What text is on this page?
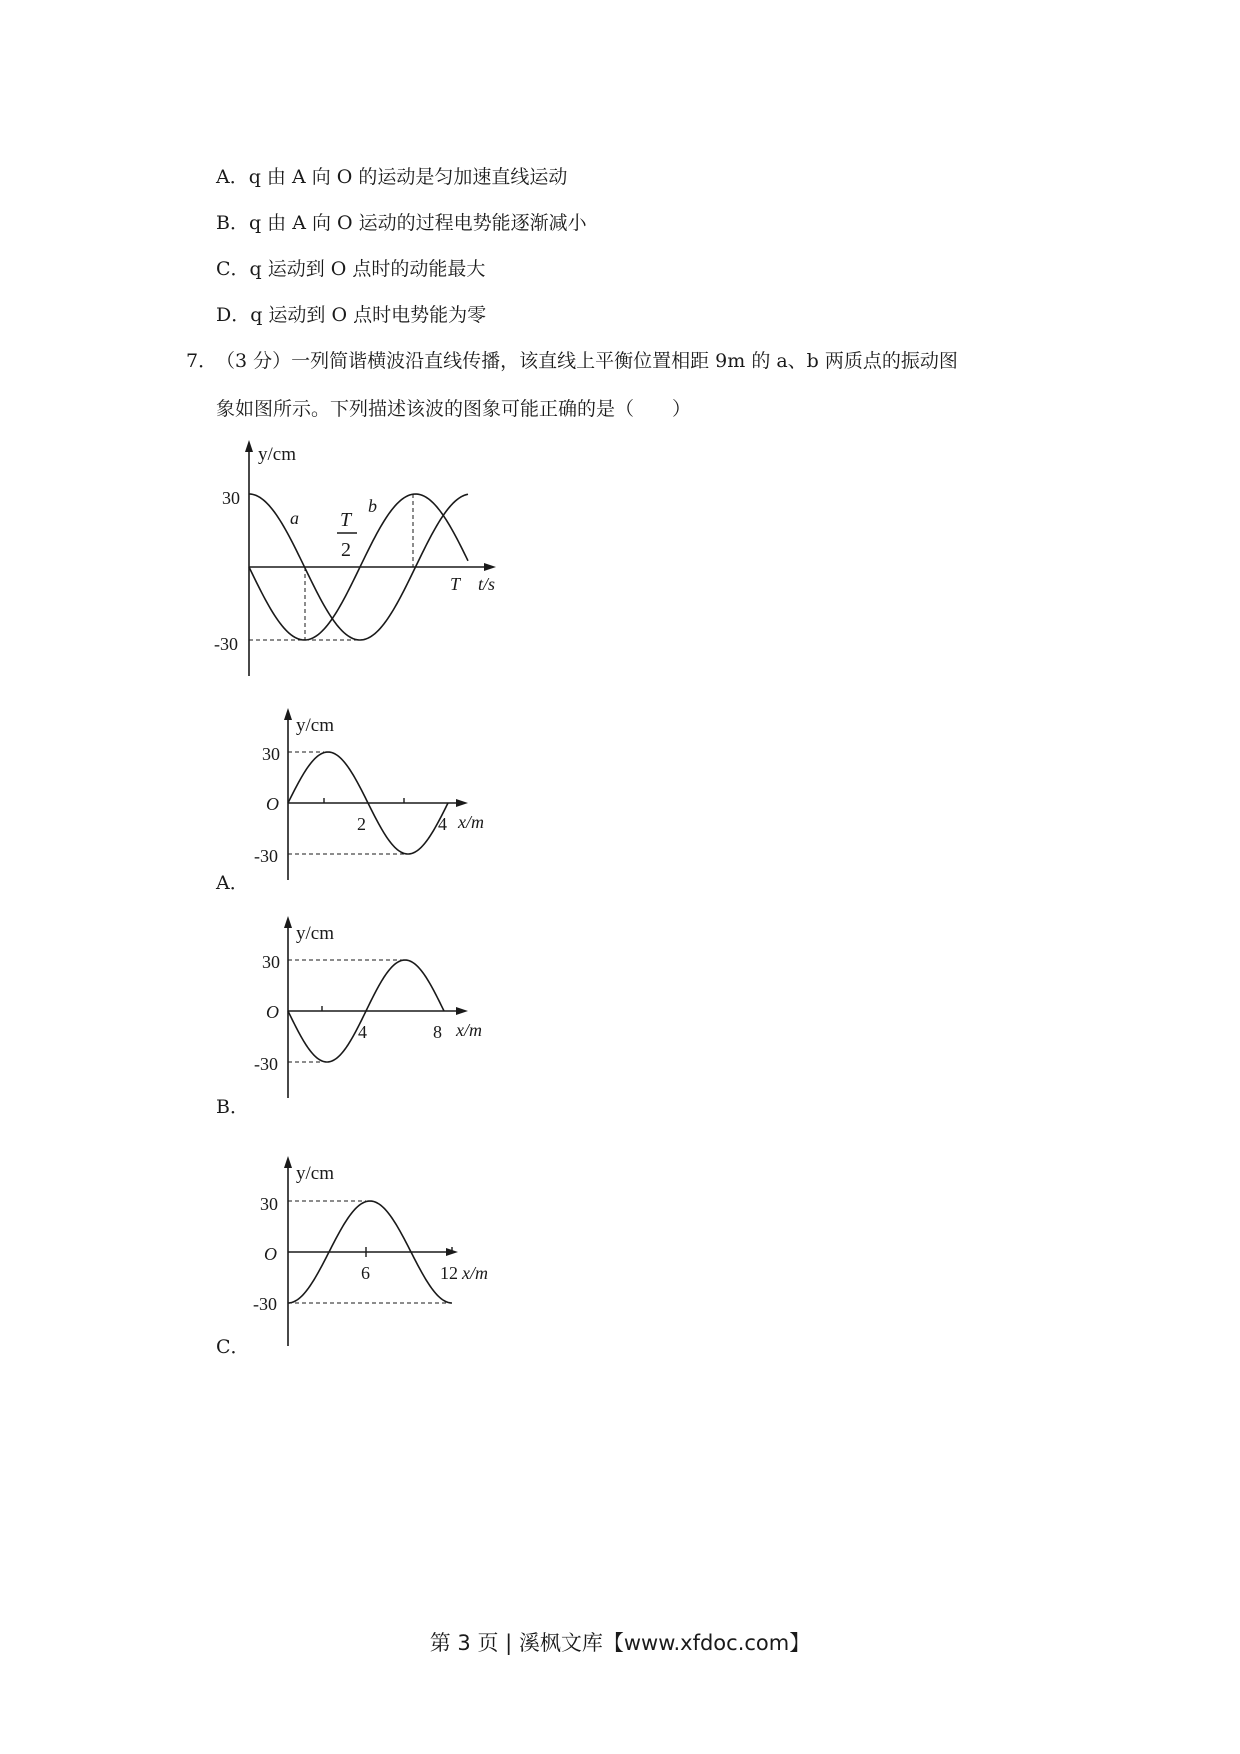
A．q 由 A 向 O 的运动是匀加速直线运动
B．q 由 A 向 O 运动的过程电势能逐渐减小
C．q 运动到 O 点时的动能最大
D．q 运动到 O 点时电势能为零
7．
（3 分）一列简谐横波沿直线传播，该直线上平衡位置相距 9m 的 a、b 两质点的振动图
象如图所示。下列描述该波的图象可能正确的是（　　）
y/cm
30
-30
a
b
T
2
T t/s
y/cm
30
O
-30
2	4 x/m
A．
y/cm
30
O
-30
4	8 x/m
B．
y/cm
30
O
-30
6	12 x/m
C．
第 3 页 | 溪枫文库【www.xfdoc.com】
